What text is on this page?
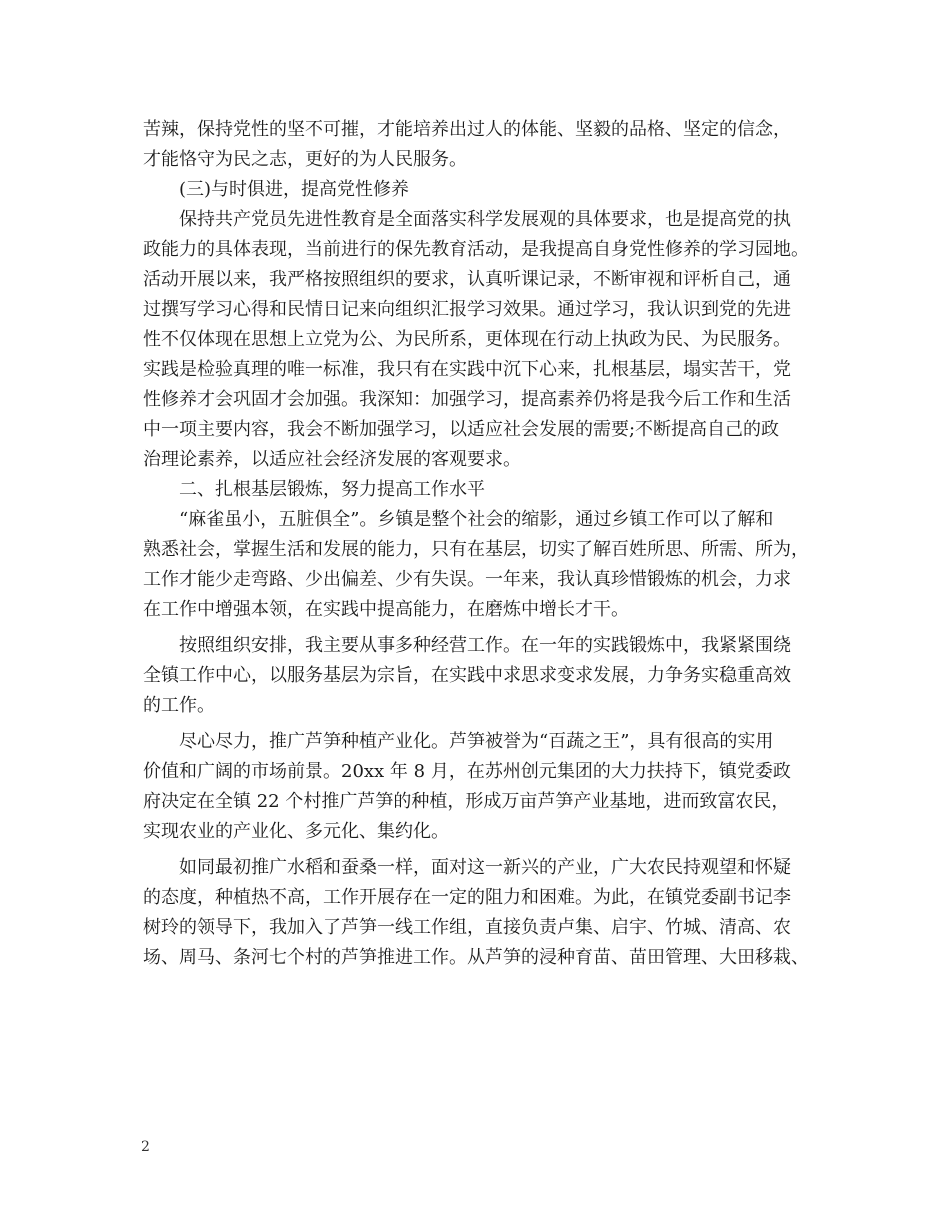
苦辣，保持党性的坚不可摧，才能培养出过人的体能、坚毅的品格、坚定的信念，
才能恪守为民之志，更好的为人民服务。
(三)与时俱进，提高党性修养
保持共产党员先进性教育是全面落实科学发展观的具体要求，也是提高党的执
政能力的具体表现，当前进行的保先教育活动，是我提高自身党性修养的学习园地。
活动开展以来，我严格按照组织的要求，认真听课记录，不断审视和评析自己，通
过撰写学习心得和民情日记来向组织汇报学习效果。通过学习，我认识到党的先进
性不仅体现在思想上立党为公、为民所系，更体现在行动上执政为民、为民服务。
实践是检验真理的唯一标准，我只有在实践中沉下心来，扎根基层，塌实苦干，党
性修养才会巩固才会加强。我深知：加强学习，提高素养仍将是我今后工作和生活
中一项主要内容，我会不断加强学习，以适应社会发展的需要;不断提高自己的政
治理论素养，以适应社会经济发展的客观要求。
二、扎根基层锻炼，努力提高工作水平
“麻雀虽小，五脏俱全”。乡镇是整个社会的缩影，通过乡镇工作可以了解和
熟悉社会，掌握生活和发展的能力，只有在基层，切实了解百姓所思、所需、所为，
工作才能少走弯路、少出偏差、少有失误。一年来，我认真珍惜锻炼的机会，力求
在工作中增强本领，在实践中提高能力，在磨炼中增长才干。
按照组织安排，我主要从事多种经营工作。在一年的实践锻炼中，我紧紧围绕
全镇工作中心，以服务基层为宗旨，在实践中求思求变求发展，力争务实稳重高效
的工作。
尽心尽力，推广芦笋种植产业化。芦笋被誉为“百蔬之王”，具有很高的实用
价值和广阔的市场前景。20xx 年 8 月，在苏州创元集团的大力扶持下，镇党委政
府决定在全镇 22 个村推广芦笋的种植，形成万亩芦笋产业基地，进而致富农民，
实现农业的产业化、多元化、集约化。
如同最初推广水稻和蚕桑一样，面对这一新兴的产业，广大农民持观望和怀疑
的态度，种植热不高，工作开展存在一定的阻力和困难。为此，在镇党委副书记李
树玲的领导下，我加入了芦笋一线工作组，直接负责卢集、启宇、竹城、清高、农
场、周马、条河七个村的芦笋推进工作。从芦笋的浸种育苗、苗田管理、大田移栽、
2
